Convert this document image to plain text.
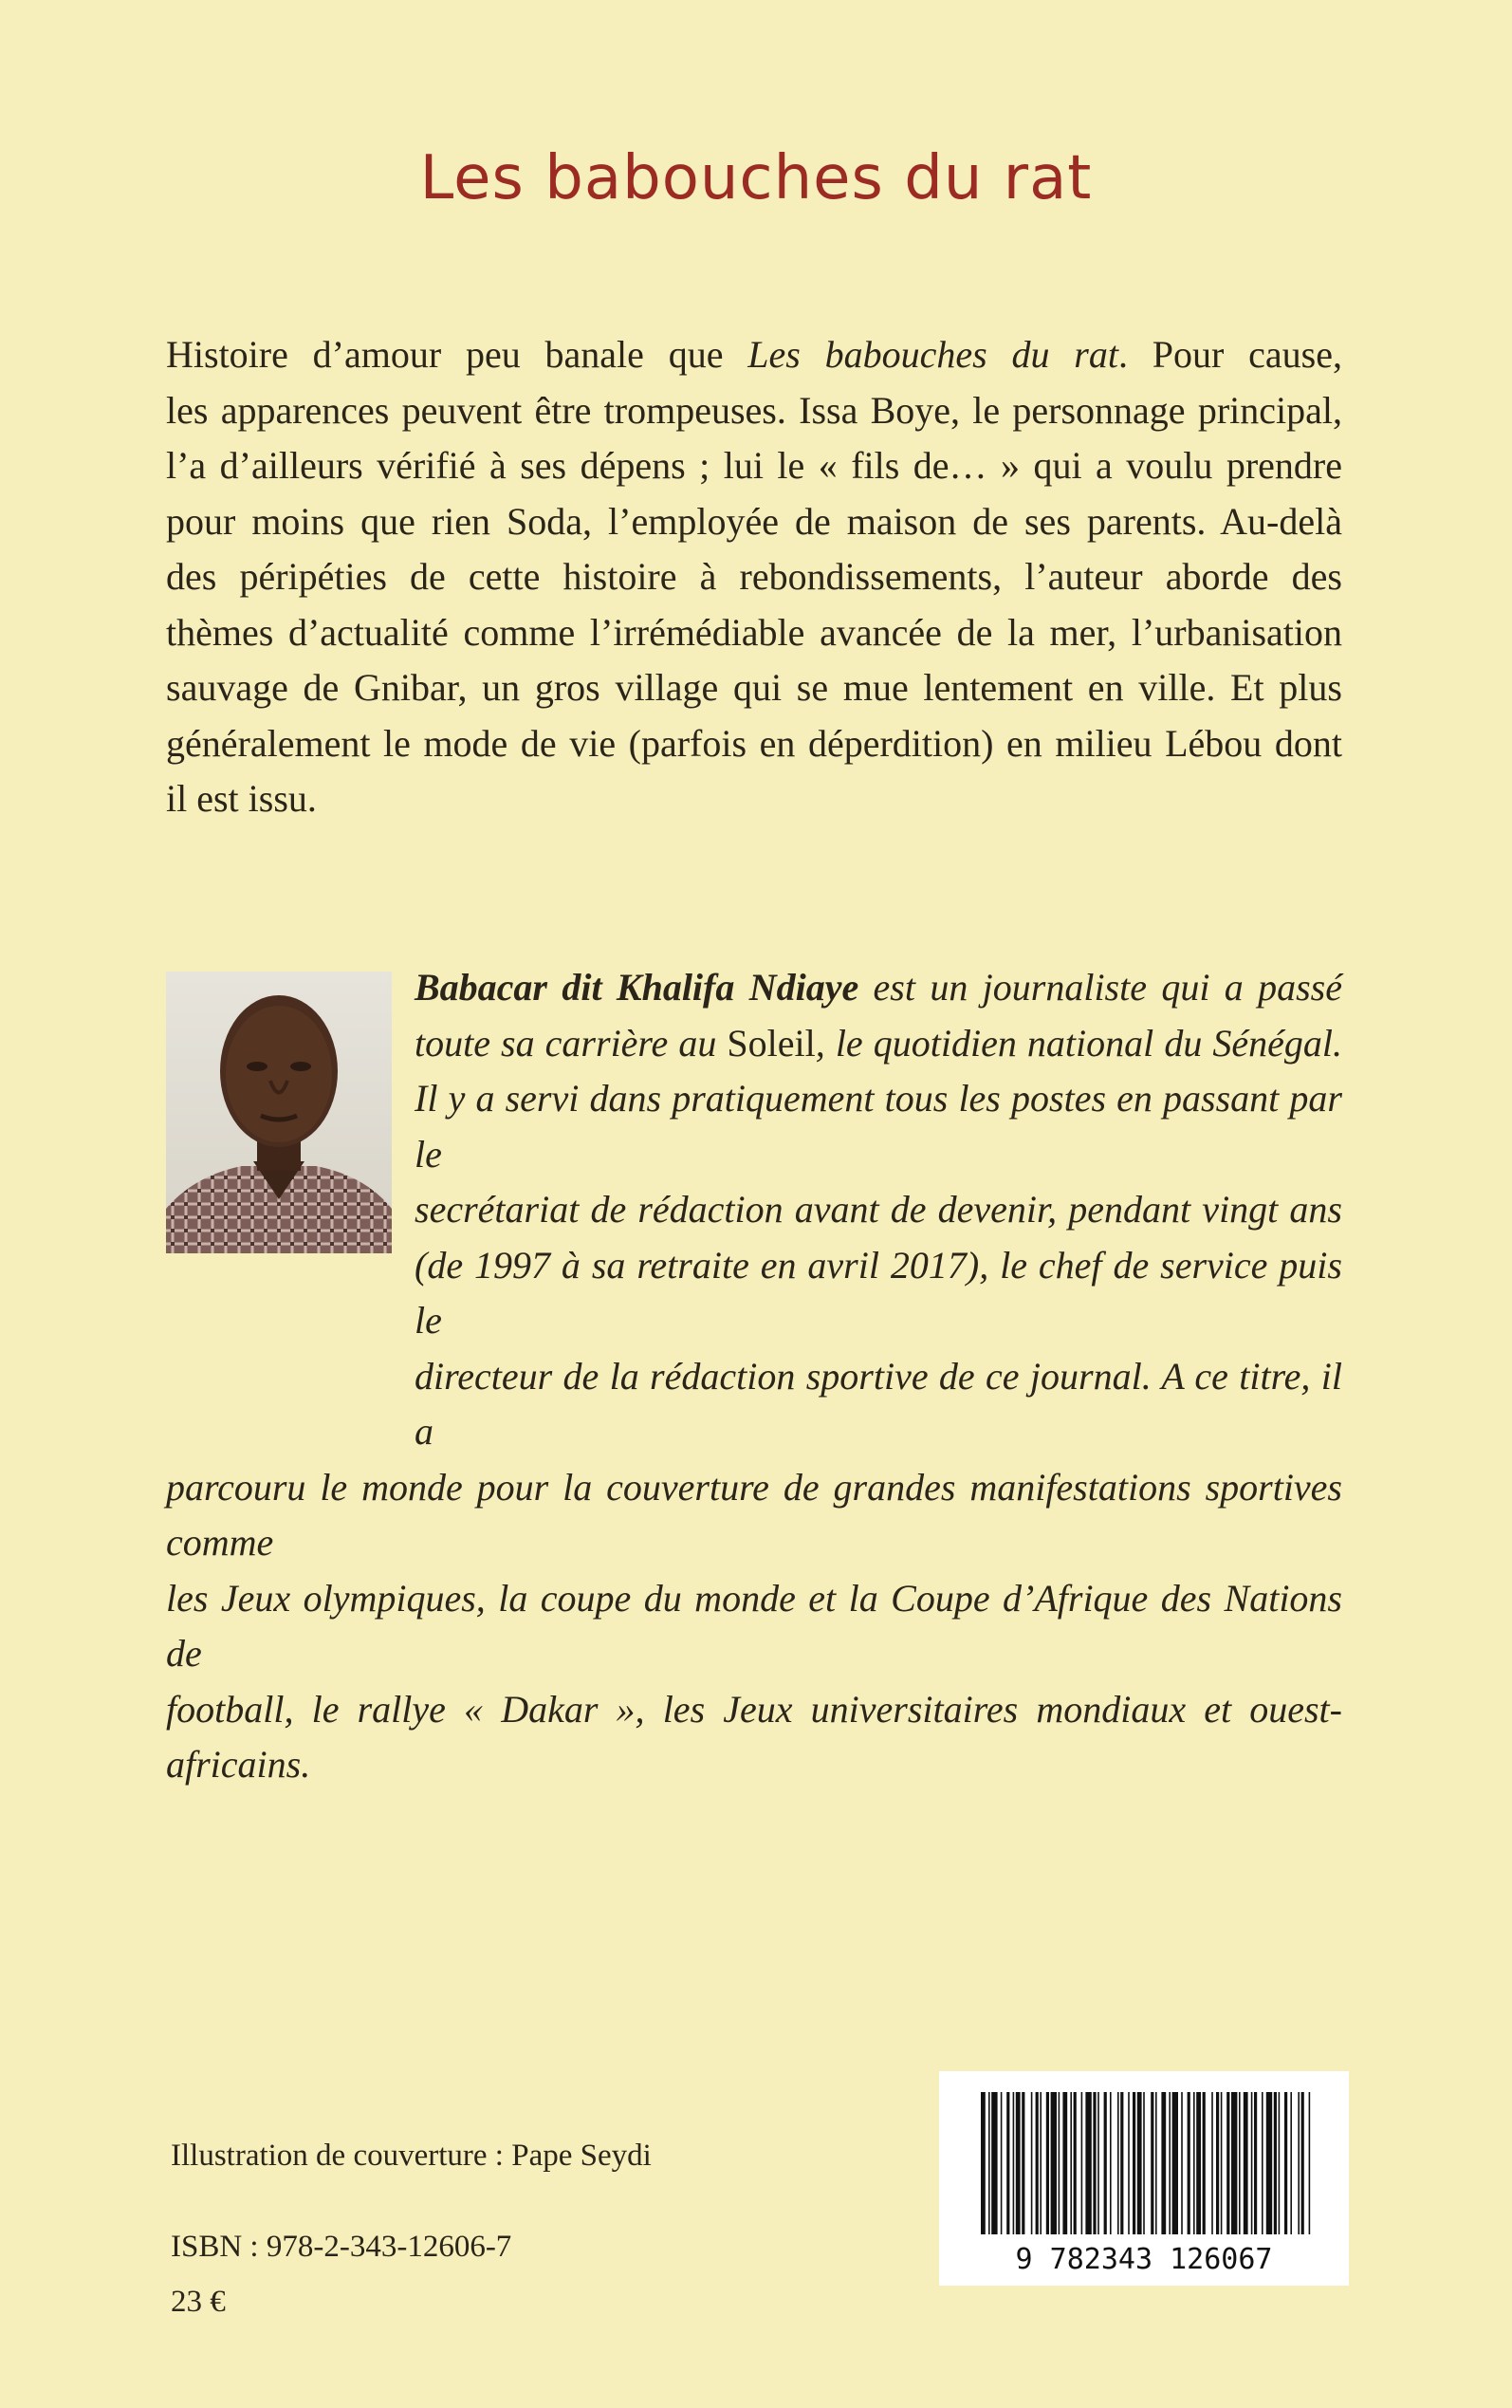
Les babouches du rat
Histoire d’amour peu banale que Les babouches du rat. Pour cause,
les apparences peuvent être trompeuses. Issa Boye, le personnage principal,
l’a d’ailleurs vérifié à ses dépens ; lui le « fils de… » qui a voulu prendre
pour moins que rien Soda, l’employée de maison de ses parents. Au-delà
des péripéties de cette histoire à rebondissements, l’auteur aborde des
thèmes d’actualité comme l’irrémédiable avancée de la mer, l’urbanisation
sauvage de Gnibar, un gros village qui se mue lentement en ville. Et plus
généralement le mode de vie (parfois en déperdition) en milieu Lébou dont
il est issu.
Babacar dit Khalifa Ndiaye est un journaliste qui a passé
toute sa carrière au Soleil, le quotidien national du Sénégal.
Il y a servi dans pratiquement tous les postes en passant par le
secrétariat de rédaction avant de devenir, pendant vingt ans
(de 1997 à sa retraite en avril 2017), le chef de service puis le
directeur de la rédaction sportive de ce journal. A ce titre, il a
parcouru le monde pour la couverture de grandes manifestations sportives comme
les Jeux olympiques, la coupe du monde et la Coupe d’Afrique des Nations de
football, le rallye « Dakar », les Jeux universitaires mondiaux et ouest-africains.
Illustration de couverture : Pape Seydi
ISBN : 978-2-343-12606-7
23 €
9 782343 126067
